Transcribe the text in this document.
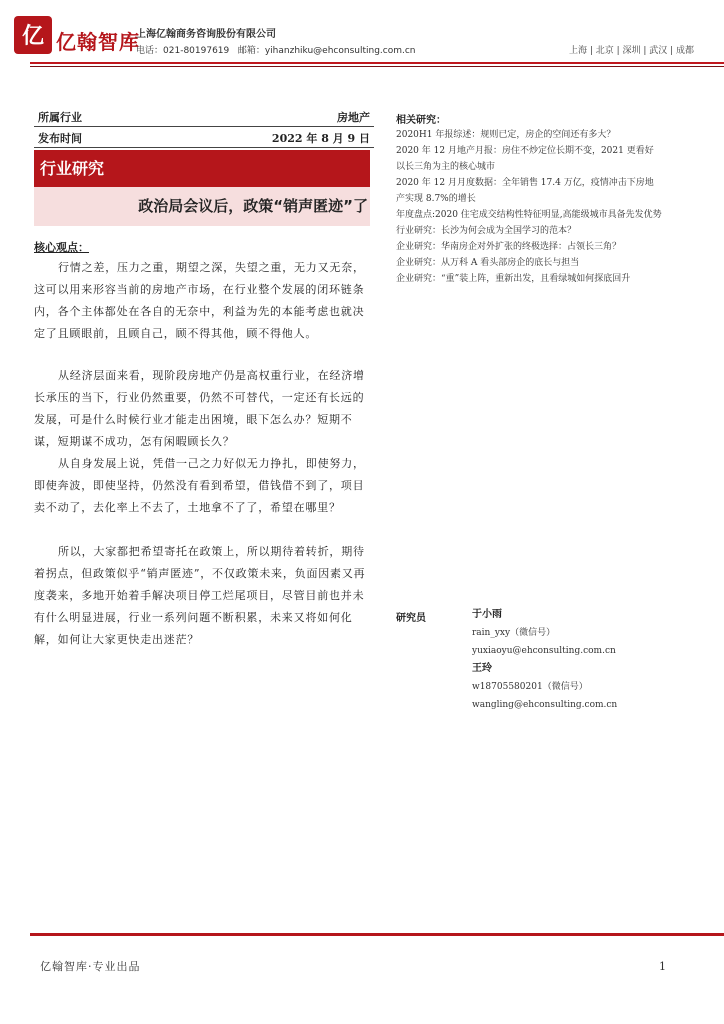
亿 亿翰智库
上海亿翰商务咨询股份有限公司
电话：021-80197619 邮箱：yihanzhiku@ehconsulting.com.cn	上海 | 北京 | 深圳 | 武汉 | 成都
所属行业	房地产
发布时间	2022 年 8 月 9 日
行业研究
政治局会议后，政策“销声匿迹”了
核心观点：

行情之差，压力之重，期望之深，失望之重，无力又无奈，这可以用来形容当前的房地产市场，在行业整个发展的闭环链条内，各个主体都处在各自的无奈中，利益为先的本能考虑也就决定了且顾眼前，且顾自己，顾不得其他，顾不得他人。

从经济层面来看，现阶段房地产仍是高权重行业，在经济增长承压的当下，行业仍然重要，仍然不可替代，一定还有长远的发展，可是什么时候行业才能走出困境，眼下怎么办？短期不谋，短期谋不成功，怎有闲暇顾长久？

从自身发展上说，凭借一己之力好似无力挣扎，即使努力，即使奔波，即使坚持，仍然没有看到希望，借钱借不到了，项目卖不动了，去化率上不去了，土地拿不了了，希望在哪里？

所以，大家都把希望寄托在政策上，所以期待着转折，期待着拐点，但政策似乎“销声匿迹”，不仅政策未来，负面因素又再度袭来，多地开始着手解决项目停工烂尾项目，尽管目前也并未有什么明显进展，行业一系列问题不断积累，未来又将如何化解，如何让大家更快走出迷茫？

相关研究：
2020H1 年报综述：规则已定，房企的空间还有多大？
2020 年 12 月地产月报：房住不炒定位长期不变，2021 更看好以长三角为主的核心城市
2020 年 12 月月度数据：全年销售 17.4 万亿，疫情冲击下房地产实现 8.7%的增长
年度盘点:2020 住宅成交结构性特征明显,高能级城市具备先发优势
行业研究：长沙为何会成为全国学习的范本？
企业研究：华南房企对外扩张的终极选择：占领长三角？
企业研究：从万科 A 看头部房企的底长与担当
企业研究：“重”装上阵，重新出发，且看绿城如何探底回升
研究员	于小雨
rain_yxy（微信号）
yuxiaoyu@ehconsulting.com.cn
王玲
w18705580201（微信号）
wangling@ehconsulting.com.cn
亿翰智库·专业出品	1
